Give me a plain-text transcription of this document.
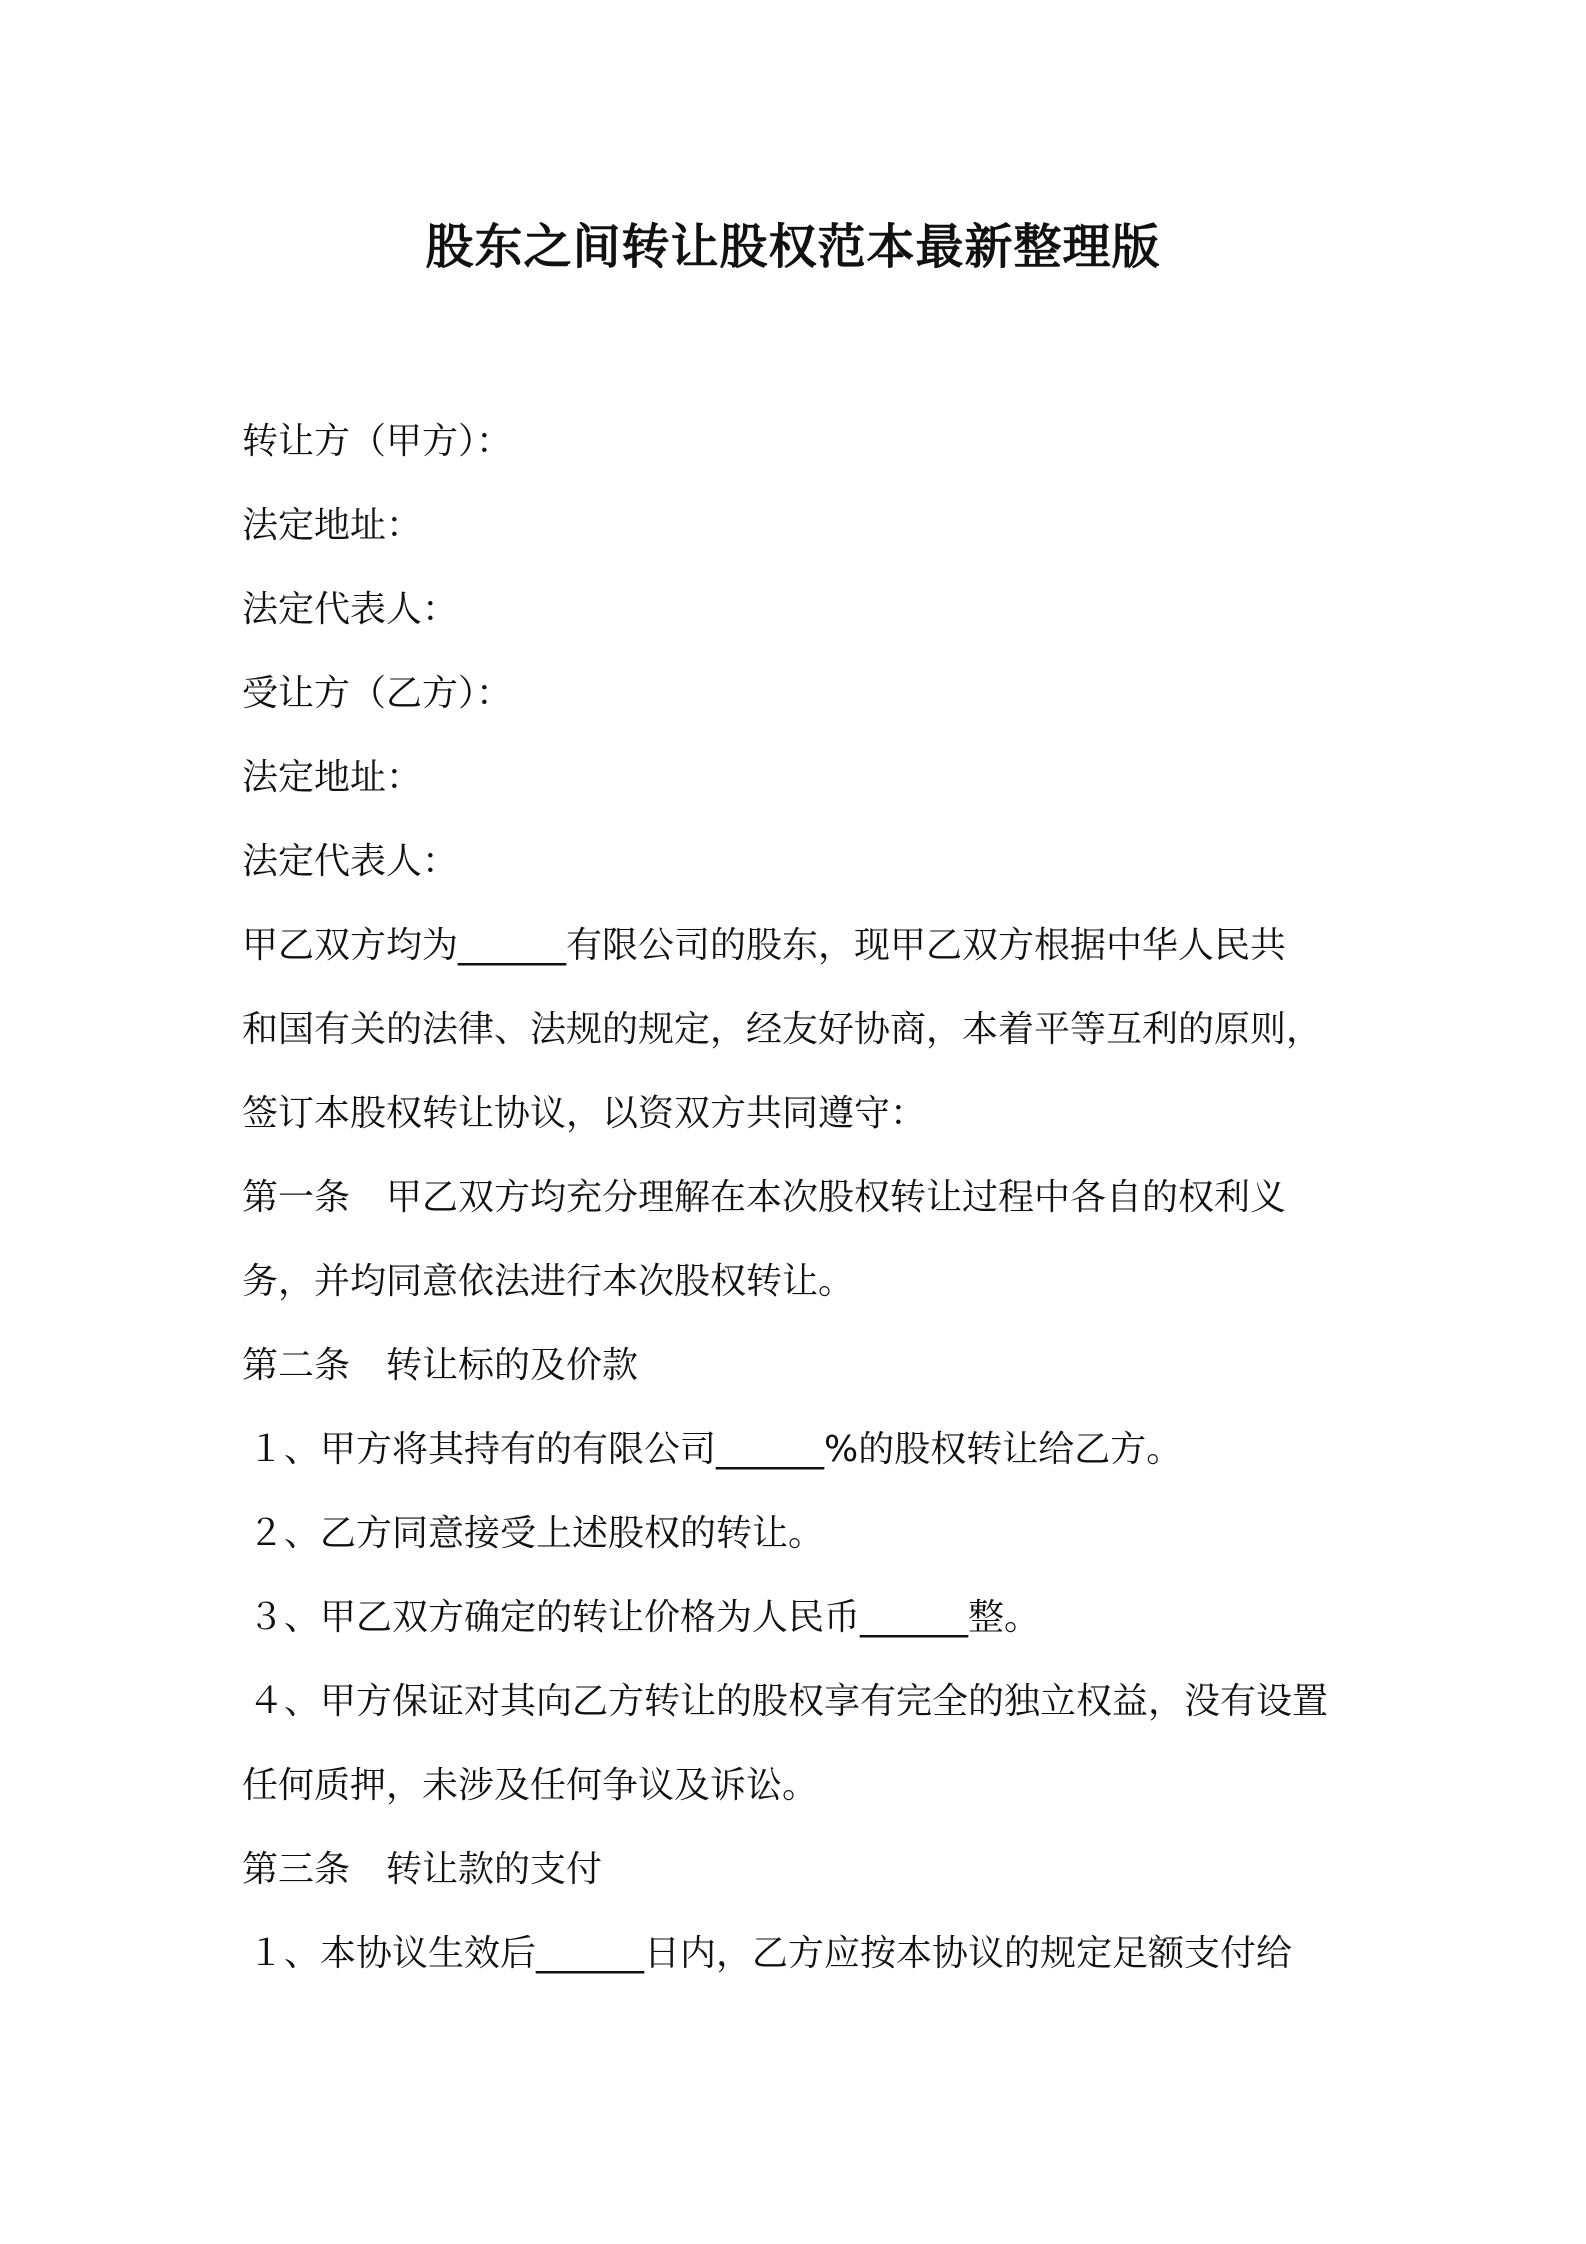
股东之间转让股权范本最新整理版

转让方（甲方）：

法定地址：

法定代表人：

受让方（乙方）：

法定地址：

法定代表人：

甲乙双方均为______有限公司的股东，现甲乙双方根据中华人民共

和国有关的法律、法规的规定，经友好协商，本着平等互利的原则，

签订本股权转让协议，以资双方共同遵守：

第一条　甲乙双方均充分理解在本次股权转让过程中各自的权利义

务，并均同意依法进行本次股权转让。

第二条　转让标的及价款

１、甲方将其持有的有限公司______%的股权转让给乙方。

２、乙方同意接受上述股权的转让。

３、甲乙双方确定的转让价格为人民币______整。

４、甲方保证对其向乙方转让的股权享有完全的独立权益，没有设置

任何质押，未涉及任何争议及诉讼。

第三条　转让款的支付

１、本协议生效后______日内，乙方应按本协议的规定足额支付给
